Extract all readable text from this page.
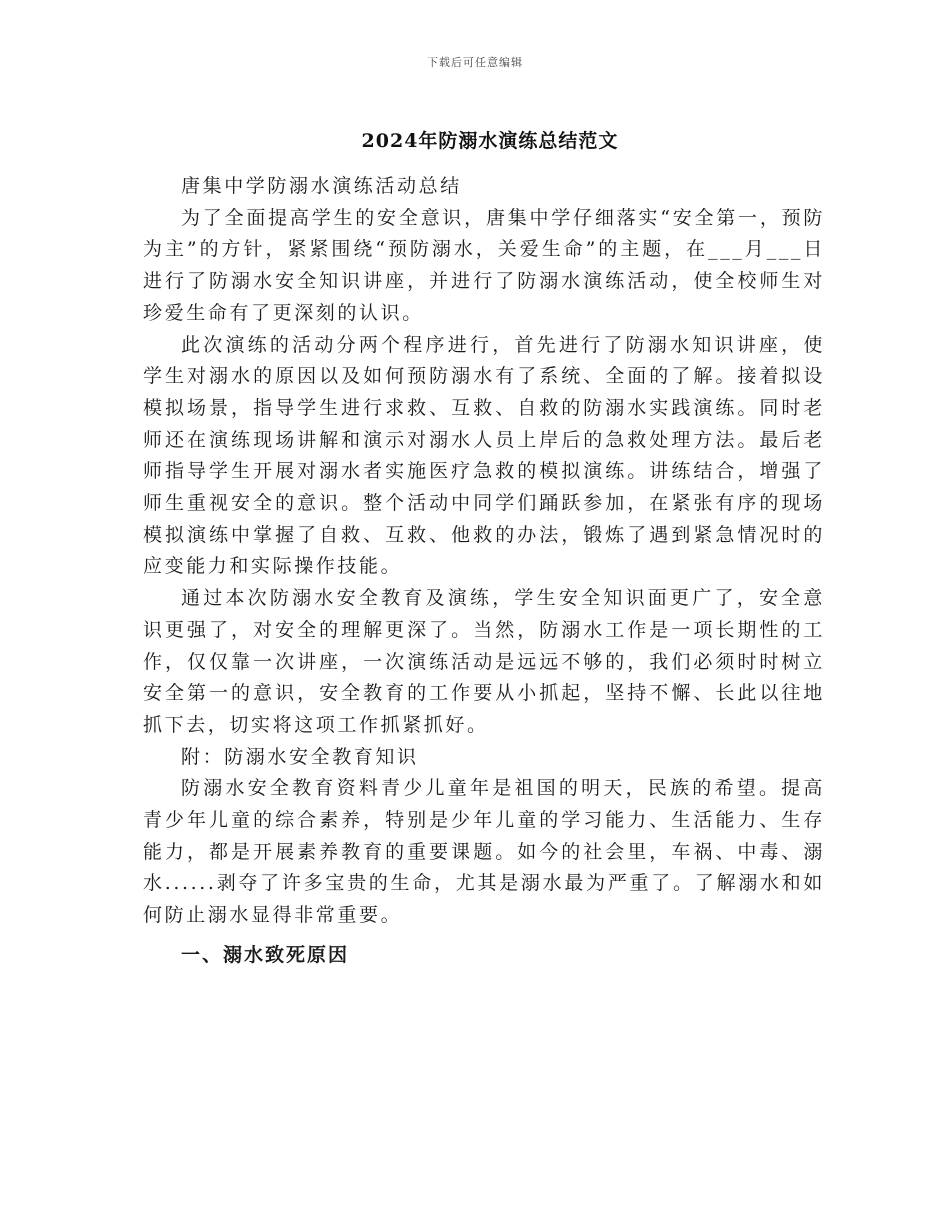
下载后可任意编辑
2024年防溺水演练总结范文

唐集中学防溺水演练活动总结

为了全面提高学生的安全意识，唐集中学仔细落实“安全第一，预防为主”的方针，紧紧围绕“预防溺水，关爱生命”的主题，在___月___日进行了防溺水安全知识讲座，并进行了防溺水演练活动，使全校师生对珍爱生命有了更深刻的认识。

此次演练的活动分两个程序进行，首先进行了防溺水知识讲座，使学生对溺水的原因以及如何预防溺水有了系统、全面的了解。接着拟设模拟场景，指导学生进行求救、互救、自救的防溺水实践演练。同时老师还在演练现场讲解和演示对溺水人员上岸后的急救处理方法。最后老师指导学生开展对溺水者实施医疗急救的模拟演练。讲练结合，增强了师生重视安全的意识。整个活动中同学们踊跃参加，在紧张有序的现场模拟演练中掌握了自救、互救、他救的办法，锻炼了遇到紧急情况时的应变能力和实际操作技能。

通过本次防溺水安全教育及演练，学生安全知识面更广了，安全意识更强了，对安全的理解更深了。当然，防溺水工作是一项长期性的工作，仅仅靠一次讲座，一次演练活动是远远不够的，我们必须时时树立安全第一的意识，安全教育的工作要从小抓起，坚持不懈、长此以往地抓下去，切实将这项工作抓紧抓好。

附：防溺水安全教育知识

防溺水安全教育资料青少儿童年是祖国的明天，民族的希望。提高青少年儿童的综合素养，特别是少年儿童的学习能力、生活能力、生存能力，都是开展素养教育的重要课题。如今的社会里，车祸、中毒、溺水......剥夺了许多宝贵的生命，尤其是溺水最为严重了。了解溺水和如何防止溺水显得非常重要。

一、溺水致死原因
